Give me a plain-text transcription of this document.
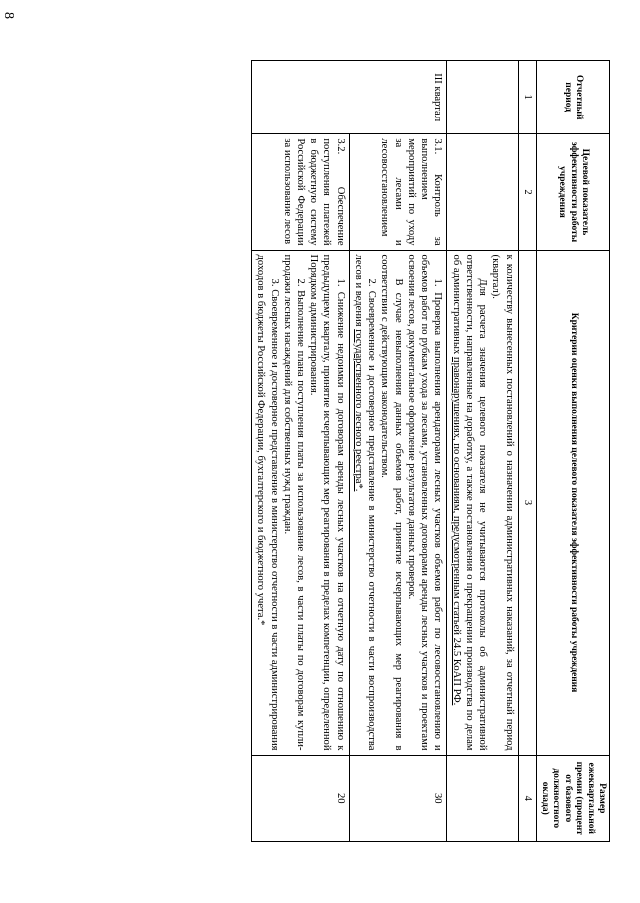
8
Отчетный период	Целевой показатель эффективности работы учреждения	Критерии оценки выполнения целевого показателя эффективности работы учреждения	Размер ежеквартальной премии (процент от базового должностного оклада)
1	2	3	4

		к количеству вынесенных постановлений о назначении административных наказаний, за отчетный период (квартал).

Для расчета значения целевого показателя не учитываются протоколы об административной ответственности, направленные на доработку, а также постановления о прекращении производства по делам об административных правонарушениях, по основаниям, предусмотренным статьей 24.5 КоАП РФ.	

III квартал	3.1. Контроль за выполнением мероприятий по уходу за лесами и лесовосстановлением	1. Проверка выполнения арендаторами лесных участков объемов работ по лесовосстановлению и объемов работ по рубкам ухода за лесами, установленных договорами аренды лесных участков и проектами освоения лесов, документальное оформление результатов данных проверок.

В случае невыполнения данных объемов работ, принятие исчерпывающих мер реагирования в соответствии с действующим законодательством.

2. Своевременное и достоверное представление в министерство отчетности в части воспроизводства лесов и ведения государственного лесного реестра*.	30
	3.2. Обеспечение поступления платежей в бюджетную систему Российской Федерации за использование лесов	1. Снижение недоимки по договорам аренды лесных участков на отчетную дату по отношению к предыдущему кварталу, принятие исчерпывающих мер реагирования в пределах компетенции, определенной Порядком администрирования.

2. Выполнение плана поступления платы за использование лесов, в части платы по договорам купли-продажи лесных насаждений для собственных нужд граждан.

3. Своевременное и достоверное представление в министерство отчетности в части администрирования доходов в бюджеты Российской Федерации, бухгалтерского и бюджетного учета.*	20
